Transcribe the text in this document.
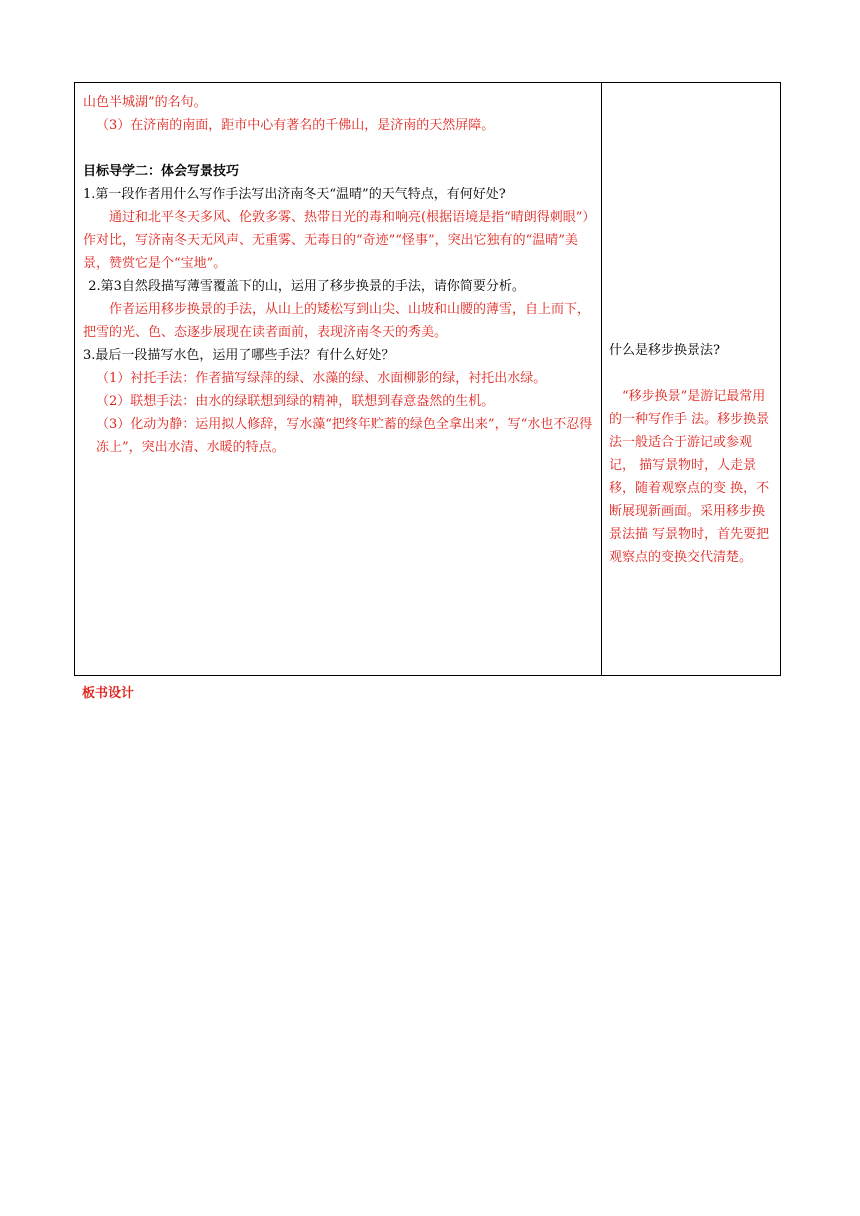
山色半城湖”的名句。

（3）在济南的南面，距市中心有著名的千佛山，是济南的天然屏障。

目标导学二：体会写景技巧

1.第一段作者用什么写作手法写出济南冬天“温晴”的天气特点，有何好处?

通过和北平冬天多风、伦敦多雾、热带日光的毒和响亮(根据语境是指“晴朗得刺眼”）作对比，写济南冬天无风声、无重雾、无毒日的“奇迹”“怪事”，突出它独有的“温晴”美景，赞赏它是个“宝地”。

2.第3自然段描写薄雪覆盖下的山，运用了移步换景的手法，请你简要分析。

作者运用移步换景的手法，从山上的矮松写到山尖、山坡和山腰的薄雪，自上而下，把雪的光、色、态逐步展现在读者面前，表现济南冬天的秀美。

3.最后一段描写水色，运用了哪些手法？有什么好处？

（1）衬托手法：作者描写绿萍的绿、水藻的绿、水面柳影的绿，衬托出水绿。

（2）联想手法：由水的绿联想到绿的精神，联想到春意盎然的生机。

（3）化动为静：运用拟人修辞，写水藻“把终年贮蓄的绿色全拿出来”，写“水也不忍得冻上”，突出水清、水暖的特点。

什么是移步换景法?

“移步换景”是游记最常用的一种写作手 法。移步换景法一般适合于游记或参观记， 描写景物时，人走景移，随着观察点的变 换，不断展现新画面。采用移步换景法描 写景物时，首先要把观察点的变换交代清楚。

板书设计
